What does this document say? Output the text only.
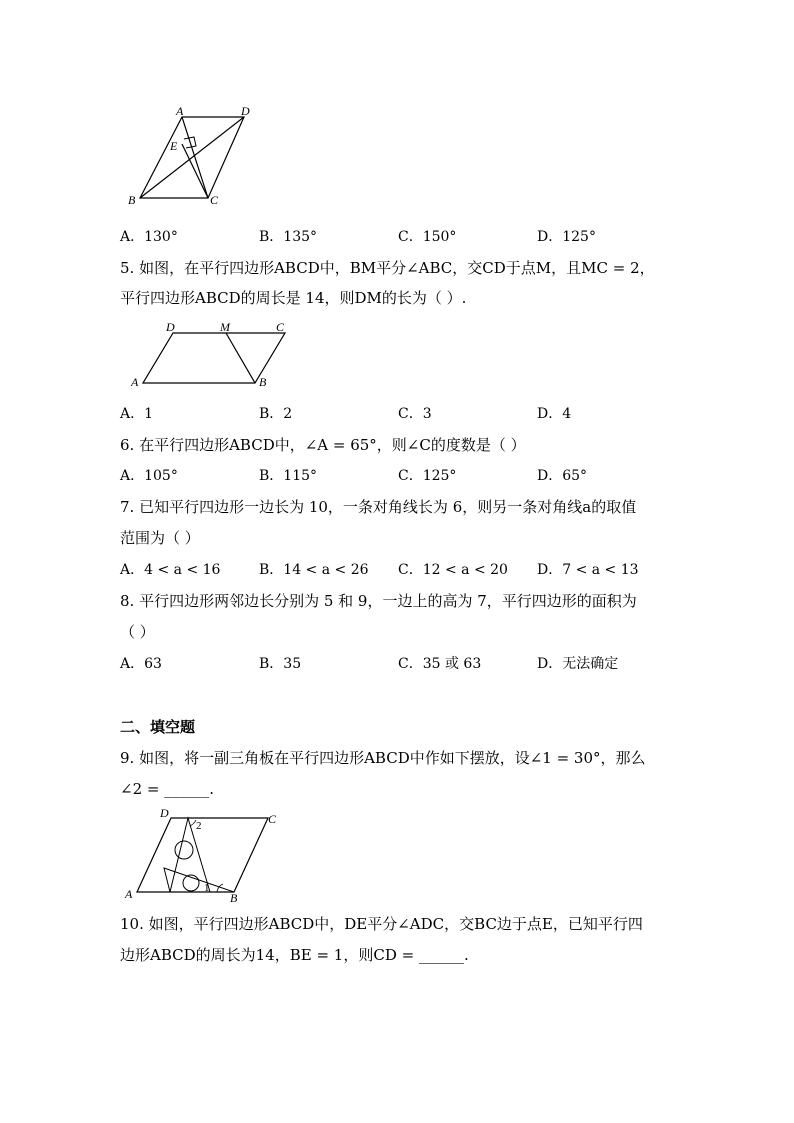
A	D
E
B	C
A．130°	B．135°	C．150°	D．125°
5. 如图，在平行四边形ABCD中，BM平分∠ABC，交CD于点M，且MC = 2，
平行四边形ABCD的周长是 14，则DM的长为（ ）.
D	M	C
A	B
A．1	B．2	C．3	D．4
6. 在平行四边形ABCD中，∠A = 65°，则∠C的度数是（ ）
A．105°	B．115°	C．125°	D．65°
7. 已知平行四边形一边长为 10，一条对角线长为 6，则另一条对角线a的取值
范围为（ ）
A．4 < a < 16	B．14 < a < 26 C．12 < a < 20 D．7 < a < 13
8. 平行四边形两邻边长分别为 5 和 9，一边上的高为 7，平行四边形的面积为
（ ）
A．63	B．35	C．35 或 63	D．无法确定
二、填空题
9. 如图，将一副三角板在平行四边形ABCD中作如下摆放，设∠1 = 30°，那么
∠2 = ______.
D	C
A	B
2
1
10. 如图，平行四边形ABCD中，DE平分∠ADC，交BC边于点E，已知平行四
边形ABCD的周长为14，BE = 1，则CD = ______.
